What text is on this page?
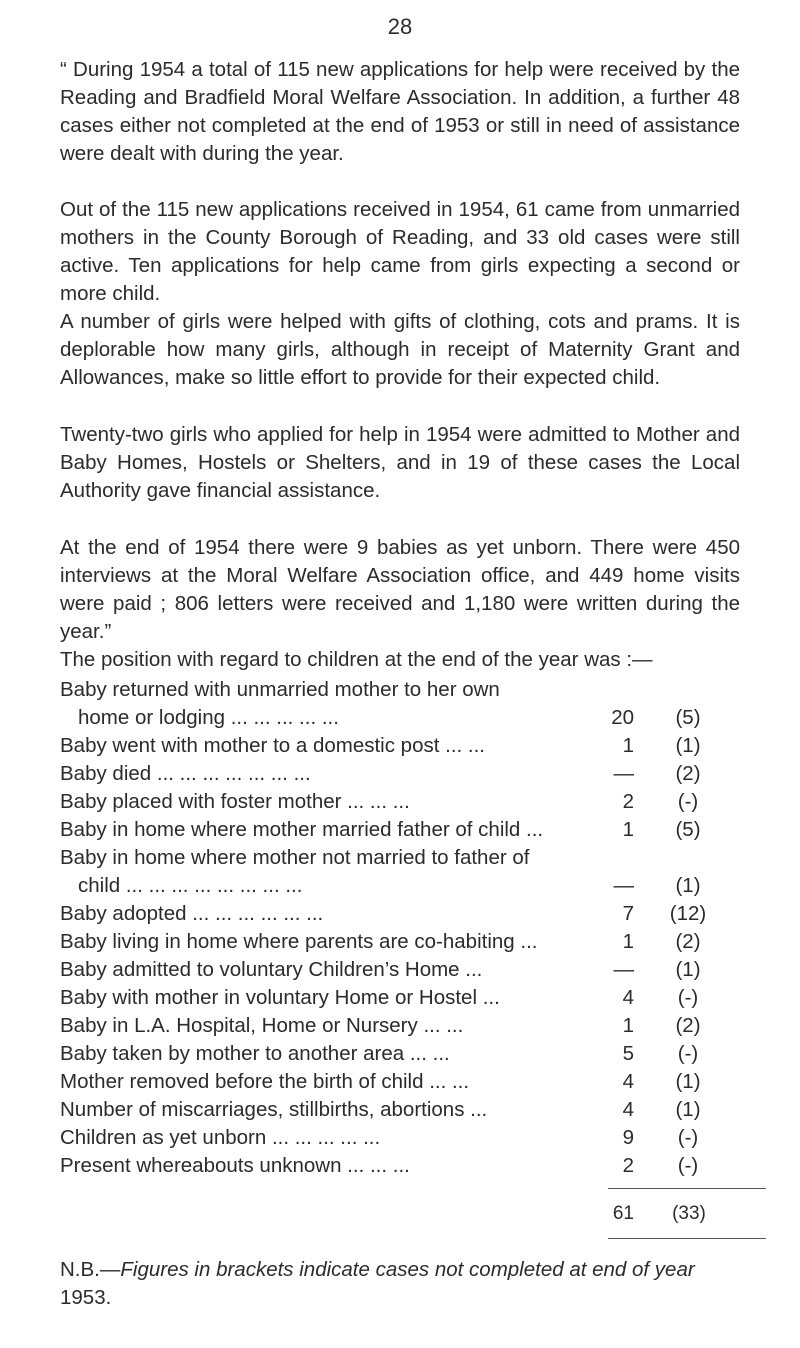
28

“ During 1954 a total of 115 new applications for help were received by the Reading and Bradfield Moral Welfare Association. In addition, a further 48 cases either not completed at the end of 1953 or still in need of assistance were dealt with during the year.

Out of the 115 new applications received in 1954, 61 came from unmarried mothers in the County Borough of Reading, and 33 old cases were still active. Ten applications for help came from girls expecting a second or more child.

A number of girls were helped with gifts of clothing, cots and prams. It is deplorable how many girls, although in receipt of Maternity Grant and Allowances, make so little effort to provide for their expected child.

Twenty-two girls who applied for help in 1954 were admitted to Mother and Baby Homes, Hostels or Shelters, and in 19 of these cases the Local Authority gave financial assistance.

At the end of 1954 there were 9 babies as yet unborn. There were 450 interviews at the Moral Welfare Association office, and 449 home visits were paid ; 806 letters were received and 1,180 were written during the year.”

The position with regard to children at the end of the year was :—

Baby returned with unmarried mother to her own
home or lodging ... ... ... ... ...	20	(5)
Baby went with mother to a domestic post ... ...	1	(1)
Baby died ... ... ... ... ... ... ...	—	(2)
Baby placed with foster mother ... ... ...	2	(-)
Baby in home where mother married father of child ...	1	(5)
Baby in home where mother not married to father of
child ... ... ... ... ... ... ... ...	—	(1)
Baby adopted ... ... ... ... ... ...	7	(12)
Baby living in home where parents are co-habiting ...	1	(2)
Baby admitted to voluntary Children’s Home ...	—	(1)
Baby with mother in voluntary Home or Hostel ...	4	(-)
Baby in L.A. Hospital, Home or Nursery ... ...	1	(2)
Baby taken by mother to another area ... ...	5	(-)
Mother removed before the birth of child ... ...	4	(1)
Number of miscarriages, stillbirths, abortions ...	4	(1)
Children as yet unborn ... ... ... ... ...	9	(-)
Present whereabouts unknown ... ... ...	2	(-)
61	(33)

N.B.—Figures in brackets indicate cases not completed at end of year 1953.
